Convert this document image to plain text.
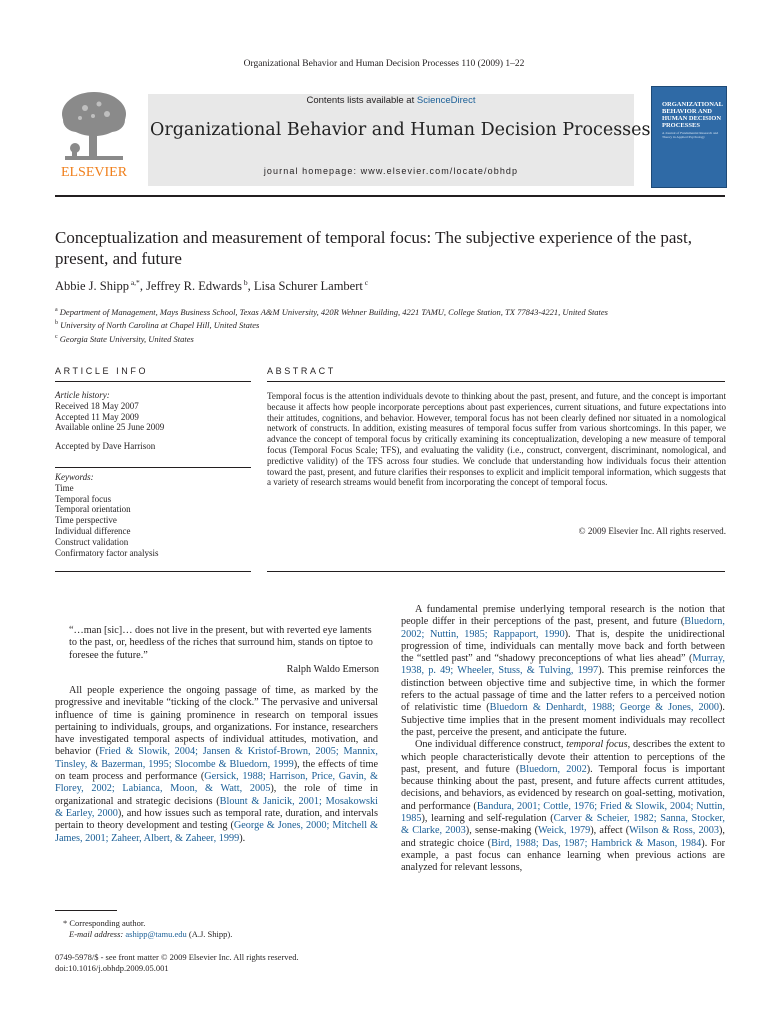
Organizational Behavior and Human Decision Processes 110 (2009) 1–22
ELSEVIER
Contents lists available at ScienceDirect
Organizational Behavior and Human Decision Processes
journal homepage: www.elsevier.com/locate/obhdp
ORGANIZATIONAL BEHAVIOR AND HUMAN DECISION PROCESSES
A Journal of Fundamental Research and Theory in Applied Psychology
Conceptualization and measurement of temporal focus: The subjective experience of the past, present, and future
Abbie J. Shipp $^{a,*}$, Jeffrey R. Edwards $^b$, Lisa Schurer Lambert $^c$
$^a$ Department of Management, Mays Business School, Texas A&M University, 420R Wehner Building, 4221 TAMU, College Station, TX 77843-4221, United States
$^b$ University of North Carolina at Chapel Hill, United States
$^c$ Georgia State University, United States
ARTICLE INFO	ABSTRACT
Article history:
Received 18 May 2007
Accepted 11 May 2009
Available online 25 June 2009
Accepted by Dave Harrison
Keywords:
Time
Temporal focus
Temporal orientation
Time perspective
Individual difference
Construct validation
Confirmatory factor analysis
Temporal focus is the attention individuals devote to thinking about the past, present, and future, and the concept is important because it affects how people incorporate perceptions about past experiences, current situations, and future expectations into their attitudes, cognitions, and behavior. However, temporal focus has not been clearly defined nor situated in a nomological network of constructs. In addition, existing measures of temporal focus suffer from various shortcomings. In this paper, we advance the concept of temporal focus by critically examining its conceptualization, developing a new measure of temporal focus (Temporal Focus Scale; TFS), and evaluating the validity (i.e., construct, convergent, discriminant, nomological, and predictive validity) of the TFS across four studies. We conclude that understanding how individuals focus their attention toward the past, present, and future clarifies their responses to explicit and implicit temporal information, which suggests that a variety of research streams would benefit from incorporating the concept of temporal focus.
© 2009 Elsevier Inc. All rights reserved.
“…man [sic]… does not live in the present, but with reverted eye laments to the past, or, heedless of the riches that surround him, stands on tiptoe to foresee the future.”
Ralph Waldo Emerson

All people experience the ongoing passage of time, as marked by the progressive and inevitable “ticking of the clock.” The pervasive and universal influence of time is gaining prominence in research on temporal issues pertaining to individuals, groups, and organizations. For instance, researchers have investigated temporal aspects of individual attitudes, motivation, and behavior (Fried & Slowik, 2004; Jansen & Kristof-Brown, 2005; Mannix, Tinsley, & Bazerman, 1995; Slocombe & Bluedorn, 1999), the effects of time on team process and performance (Gersick, 1988; Harrison, Price, Gavin, & Florey, 2002; Labianca, Moon, & Watt, 2005), the role of time in organizational and strategic decisions (Blount & Janicik, 2001; Mosakowski & Earley, 2000), and how issues such as temporal rate, duration, and intervals pertain to theory development and testing (George & Jones, 2000; Mitchell & James, 2001; Zaheer, Albert, & Zaheer, 1999).

A fundamental premise underlying temporal research is the notion that people differ in their perceptions of the past, present, and future (Bluedorn, 2002; Nuttin, 1985; Rappaport, 1990). That is, despite the unidirectional progression of time, individuals can mentally move back and forth between the “settled past” and “shadowy preconceptions of what lies ahead” (Murray, 1938, p. 49; Wheeler, Stuss, & Tulving, 1997). This premise reinforces the distinction between objective time and subjective time, in which the former refers to the actual passage of time and the latter refers to a perceived notion of relativistic time (Bluedorn & Denhardt, 1988; George & Jones, 2000). Subjective time implies that in the present moment individuals may recollect the past, perceive the present, and anticipate the future.

One individual difference construct, temporal focus, describes the extent to which people characteristically devote their attention to perceptions of the past, present, and future (Bluedorn, 2002). Temporal focus is important because thinking about the past, present, and future affects current attitudes, decisions, and behaviors, as evidenced by research on goal-setting, motivation, and performance (Bandura, 2001; Cottle, 1976; Fried & Slowik, 2004; Nuttin, 1985), learning and self-regulation (Carver & Scheier, 1982; Sanna, Stocker, & Clarke, 2003), sense-making (Weick, 1979), affect (Wilson & Ross, 2003), and strategic choice (Bird, 1988; Das, 1987; Hambrick & Mason, 1984). For example, a past focus can enhance learning when previous actions are analyzed for relevant lessons,

* Corresponding author.
E-mail address: ashipp@tamu.edu (A.J. Shipp).
0749-5978/$ - see front matter © 2009 Elsevier Inc. All rights reserved.
doi:10.1016/j.obhdp.2009.05.001
